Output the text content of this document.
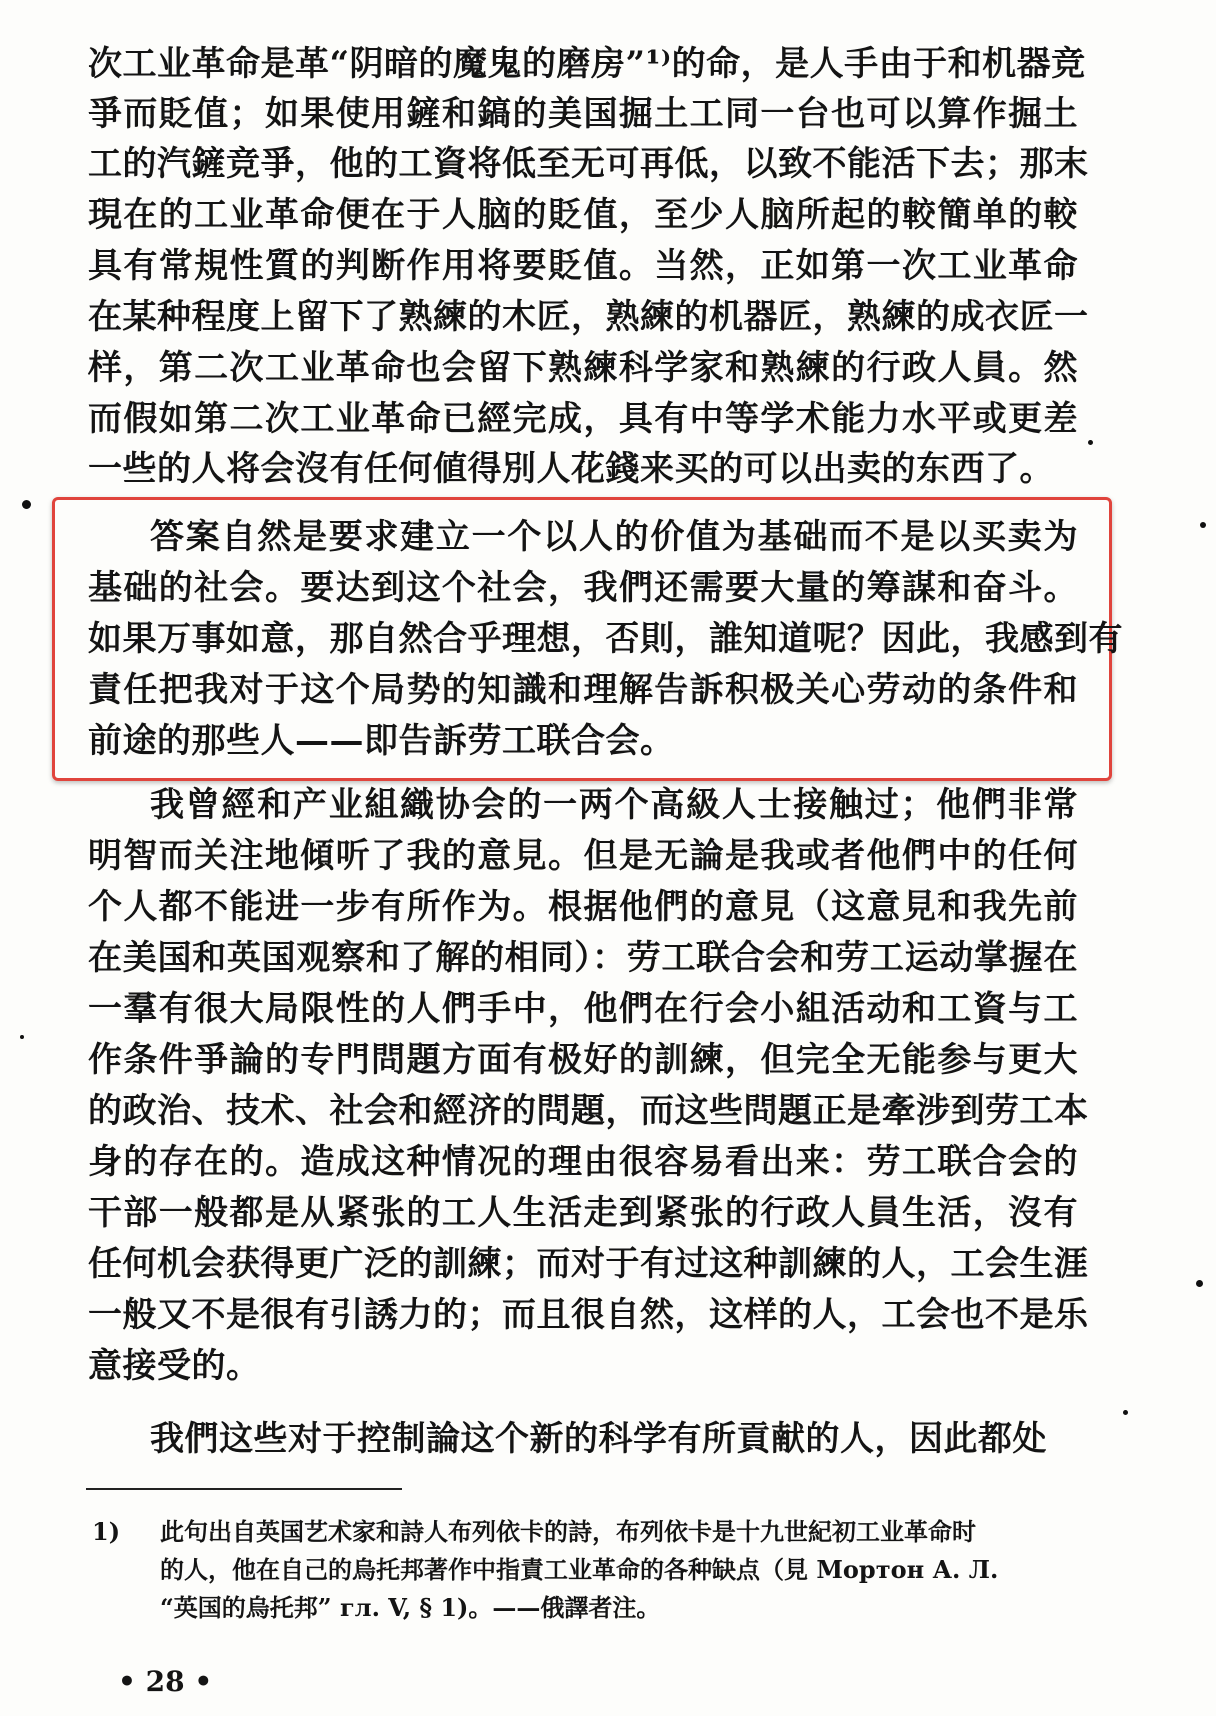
次工业革命是革“阴暗的魔鬼的磨房”¹⁾的命，是人手由于和机器竞
爭而貶值；如果使用鏟和鎬的美国掘土工同一台也可以算作掘土
工的汽鏟竞爭，他的工資将低至无可再低，以致不能活下去；那末
現在的工业革命便在于人脑的貶值，至少人脑所起的較簡单的較
具有常規性質的判断作用将要貶值。当然，正如第一次工业革命
在某种程度上留下了熟練的木匠，熟練的机器匠，熟練的成衣匠一
样，第二次工业革命也会留下熟練科学家和熟練的行政人員。然
而假如第二次工业革命已經完成，具有中等学术能力水平或更差
一些的人将会沒有任何値得別人花錢来买的可以出卖的东西了。
答案自然是要求建立一个以人的价值为基础而不是以买卖为
基础的社会。要达到这个社会，我們还需要大量的筹謀和奋斗。
如果万事如意，那自然合乎理想，否則，誰知道呢？因此，我感到有
責任把我对于这个局势的知識和理解告訴积极关心劳动的条件和
前途的那些人——即告訴劳工联合会。
我曾經和产业組織协会的一两个高級人士接触过；他們非常
明智而关注地傾听了我的意見。但是无論是我或者他們中的任何
个人都不能进一步有所作为。根据他們的意見（这意見和我先前
在美国和英国观察和了解的相同）：劳工联合会和劳工运动掌握在
一羣有很大局限性的人們手中，他們在行会小組活动和工資与工
作条件爭論的专門問題方面有极好的訓練，但完全无能参与更大
的政治、技术、社会和經济的問題，而这些問題正是牽涉到劳工本
身的存在的。造成这种情况的理由很容易看出来：劳工联合会的
干部一般都是从紧张的工人生活走到紧张的行政人員生活，沒有
任何机会获得更广泛的訓練；而对于有过这种訓練的人，工会生涯
一般又不是很有引誘力的；而且很自然，这样的人，工会也不是乐
意接受的。
我們这些对于控制論这个新的科学有所貢献的人，因此都处
1)	此句出自英国艺术家和詩人布列依卡的詩，布列依卡是十九世紀初工业革命时
的人，他在自己的烏托邦著作中指責工业革命的各种缺点（見 Мортон А. Л.
“英国的烏托邦” гл. V, § 1)。——俄譯者注。
• 28 •
